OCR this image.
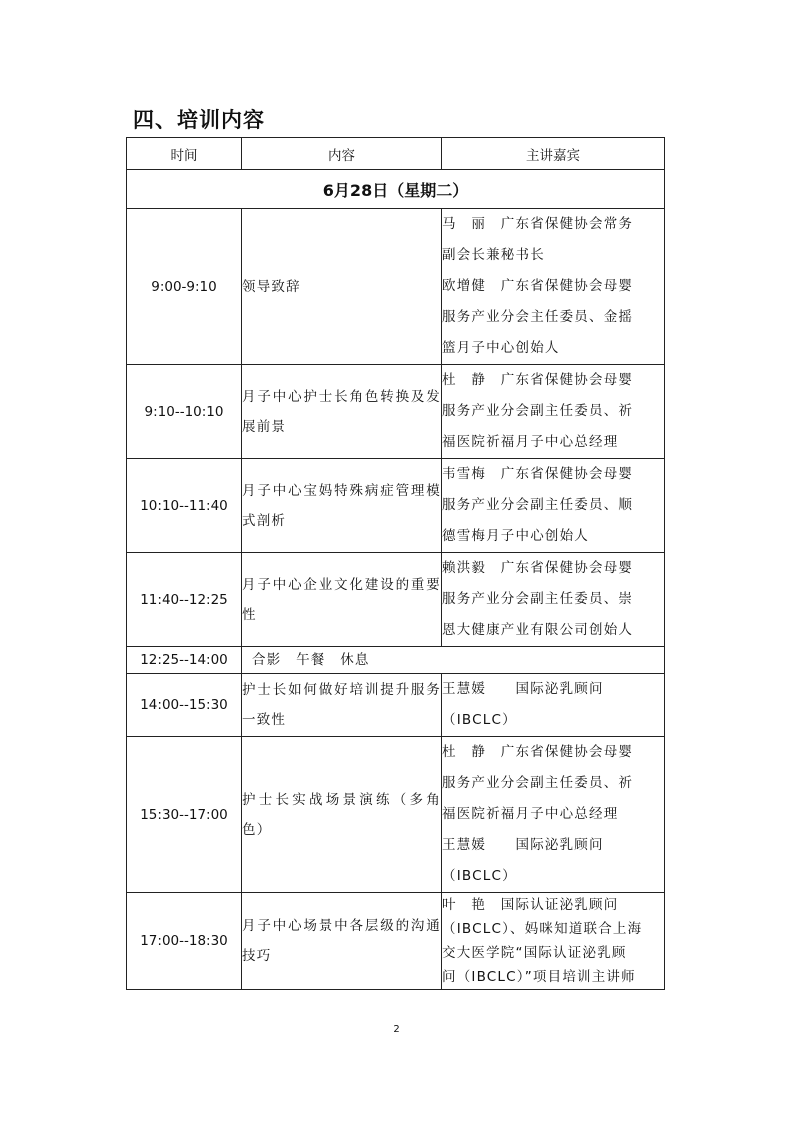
四、培训内容
时间	内容	主讲嘉宾
6月28日（星期二）		
9:00-9:10	领导致辞	马　丽　广东省保健协会常务
副会长兼秘书长
欧增健　广东省保健协会母婴
服务产业分会主任委员、金摇
篮月子中心创始人

9:10--10:10	月子中心护士长角色转换及发展前景	杜　静　广东省保健协会母婴
服务产业分会副主任委员、祈
福医院祈福月子中心总经理

10:10--11:40	月子中心宝妈特殊病症管理模式剖析	韦雪梅　广东省保健协会母婴
服务产业分会副主任委员、顺
德雪梅月子中心创始人

11:40--12:25	月子中心企业文化建设的重要性	赖洪毅　广东省保健协会母婴
服务产业分会副主任委员、崇
恩大健康产业有限公司创始人

12:25--14:00	合影　午餐　休息	
14:00--15:30	护士长如何做好培训提升服务一致性	王慧媛　　国际泌乳顾问
（IBCLC）

15:30--17:00	护士长实战场景演练（多角色）	杜　静　广东省保健协会母婴
服务产业分会副主任委员、祈
福医院祈福月子中心总经理
王慧媛　　国际泌乳顾问
（IBCLC）

17:00--18:30	月子中心场景中各层级的沟通技巧	叶　艳　国际认证泌乳顾问
（IBCLC）、妈咪知道联合上海
交大医学院“国际认证泌乳顾
问（IBCLC）”项目培训主讲师
2
